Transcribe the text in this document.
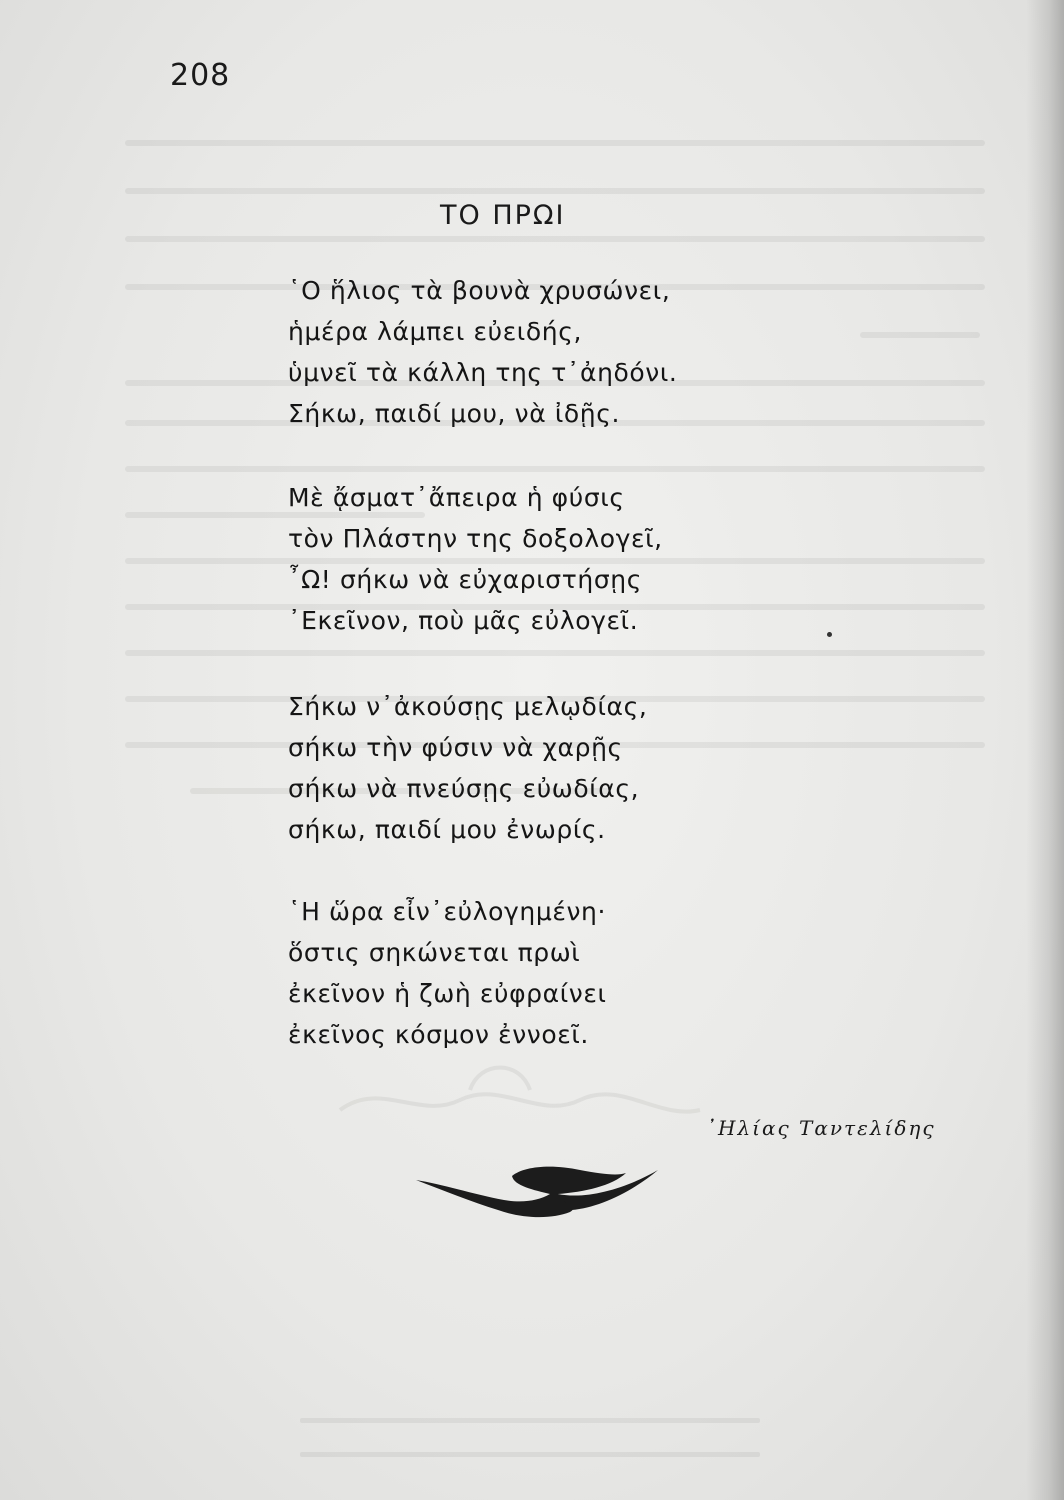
208
ΤΟ ΠΡΩΙ
῾Ο ἥλιος τὰ βουνὰ χρυσώνει,
ἡμέρα λάμπει εὐειδής,
ὑμνεῖ τὰ κάλλη της τ᾽ἀηδόνι.
Σήκω, παιδί μου, νὰ ἰδῇς.
Μὲ ᾄσματ᾽ἄπειρα ἡ φύσις
τὸν Πλάστην της δοξολογεῖ,
῏Ω! σήκω νὰ εὐχαριστήσῃς
᾽Εκεῖνον, ποὺ μᾶς εὐλογεῖ.
Σήκω ν᾽ἀκούσῃς μελῳδίας,
σήκω τὴν φύσιν νὰ χαρῇς
σήκω νὰ πνεύσῃς εὐωδίας,
σήκω, παιδί μου ἐνωρίς.
῾Η ὥρα εἶν᾽εὐλογημένη·
ὅστις σηκώνεται πρωὶ
ἐκεῖνον ἡ ζωὴ εὐφραίνει
ἐκεῖνος κόσμον ἐννοεῖ.
᾽Ηλίας Ταντελίδης
